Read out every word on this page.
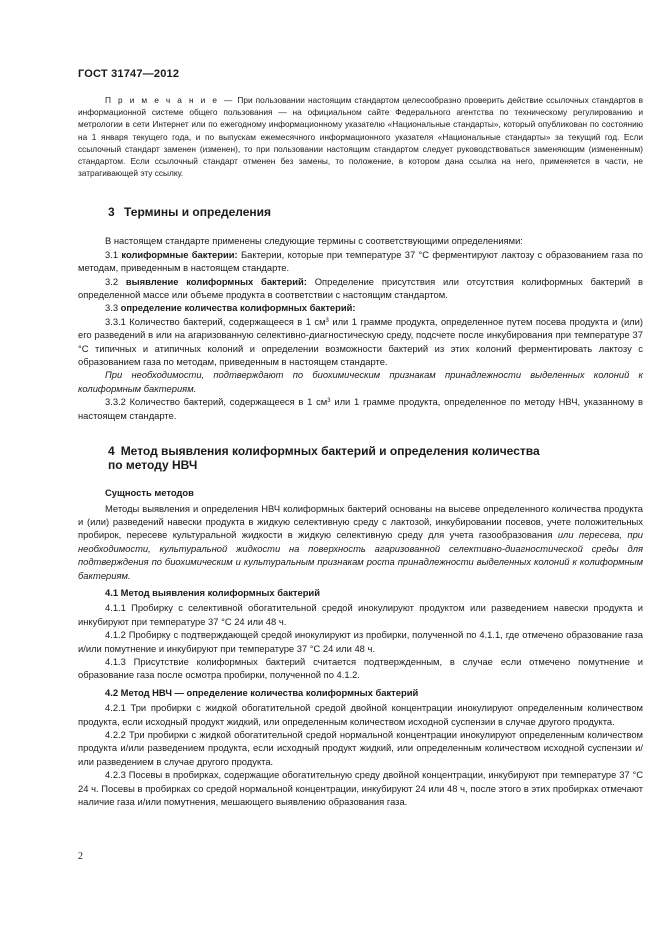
ГОСТ 31747—2012

П р и м е ч а н и е — При пользовании настоящим стандартом целесообразно проверить действие ссылочных стандартов в информационной системе общего пользования — на официальном сайте Федерального агентства по техническому регулированию и метрологии в сети Интернет или по ежегодному информационному указателю «Национальные стандарты», который опубликован по состоянию на 1 января текущего года, и по выпускам ежемесячного информационного указателя «Национальные стандарты» за текущий год. Если ссылочный стандарт заменен (изменен), то при пользовании настоящим стандартом следует руководствоваться заменяющим (измененным) стандартом. Если ссылочный стандарт отменен без замены, то положение, в котором дана ссылка на него, применяется в части, не затрагивающей эту ссылку.

3 Термины и определения

В настоящем стандарте применены следующие термины с соответствующими определениями:

3.1 колиформные бактерии: Бактерии, которые при температуре 37 °С ферментируют лактозу с образованием газа по методам, приведенным в настоящем стандарте.

3.2 выявление колиформных бактерий: Определение присутствия или отсутствия колиформных бактерий в определенной массе или объеме продукта в соответствии с настоящим стандартом.

3.3 определение количества колиформных бактерий:

3.3.1 Количество бактерий, содержащееся в 1 $см^3$ или 1 грамме продукта, определенное путем посева продукта и (или) его разведений в или на агаризованную селективно-диагностическую среду, подсчете после инкубирования при температуре 37 °С типичных и атипичных колоний и определении возможности бактерий из этих колоний ферментировать лактозу с образованием газа по методам, приведенным в настоящем стандарте.

При необходимости, подтверждают по биохимическим признакам принадлежности выделенных колоний к колиформным бактериям.

3.3.2 Количество бактерий, содержащееся в 1 $см^3$ или 1 грамме продукта, определенное по методу НВЧ, указанному в настоящем стандарте.

4 Метод выявления колиформных бактерий и определения количества
по методу НВЧ
Сущность методов

Методы выявления и определения НВЧ колиформных бактерий основаны на высеве определенного количества продукта и (или) разведений навески продукта в жидкую селективную среду с лактозой, инкубировании посевов, учете положительных пробирок, пересеве культуральной жидкости в жидкую селективную среду для учета газообразования или пересева, при необходимости, культуральной жидкости на поверхность агаризованной селективно-диагностической среды для подтверждения по биохимическим и культуральным признакам роста принадлежности выделенных колоний к колиформным бактериям.

4.1 Метод выявления колиформных бактерий

4.1.1 Пробирку с селективной обогатительной средой инокулируют продуктом или разведением навески продукта и инкубируют при температуре 37 °С 24 или 48 ч.

4.1.2 Пробирку с подтверждающей средой инокулируют из пробирки, полученной по 4.1.1, где отмечено образование газа и/или помутнение и инкубируют при температуре 37 °С 24 или 48 ч.

4.1.3 Присутствие колиформных бактерий считается подтвержденным, в случае если отмечено помутнение и образование газа после осмотра пробирки, полученной по 4.1.2.

4.2 Метод НВЧ — определение количества колиформных бактерий

4.2.1 Три пробирки с жидкой обогатительной средой двойной концентрации инокулируют определенным количеством продукта, если исходный продукт жидкий, или определенным количеством исходной суспензии в случае другого продукта.

4.2.2 Три пробирки с жидкой обогатительной средой нормальной концентрации инокулируют определенным количеством продукта и/или разведением продукта, если исходный продукт жидкий, или определенным количеством исходной суспензии и/или разведением в случае другого продукта.

4.2.3 Посевы в пробирках, содержащие обогатительную среду двойной концентрации, инкубируют при температуре 37 °С 24 ч. Посевы в пробирках со средой нормальной концентрации, инкубируют 24 или 48 ч, после этого в этих пробирках отмечают наличие газа и/или помутнения, мешающего выявлению образования газа.

2
